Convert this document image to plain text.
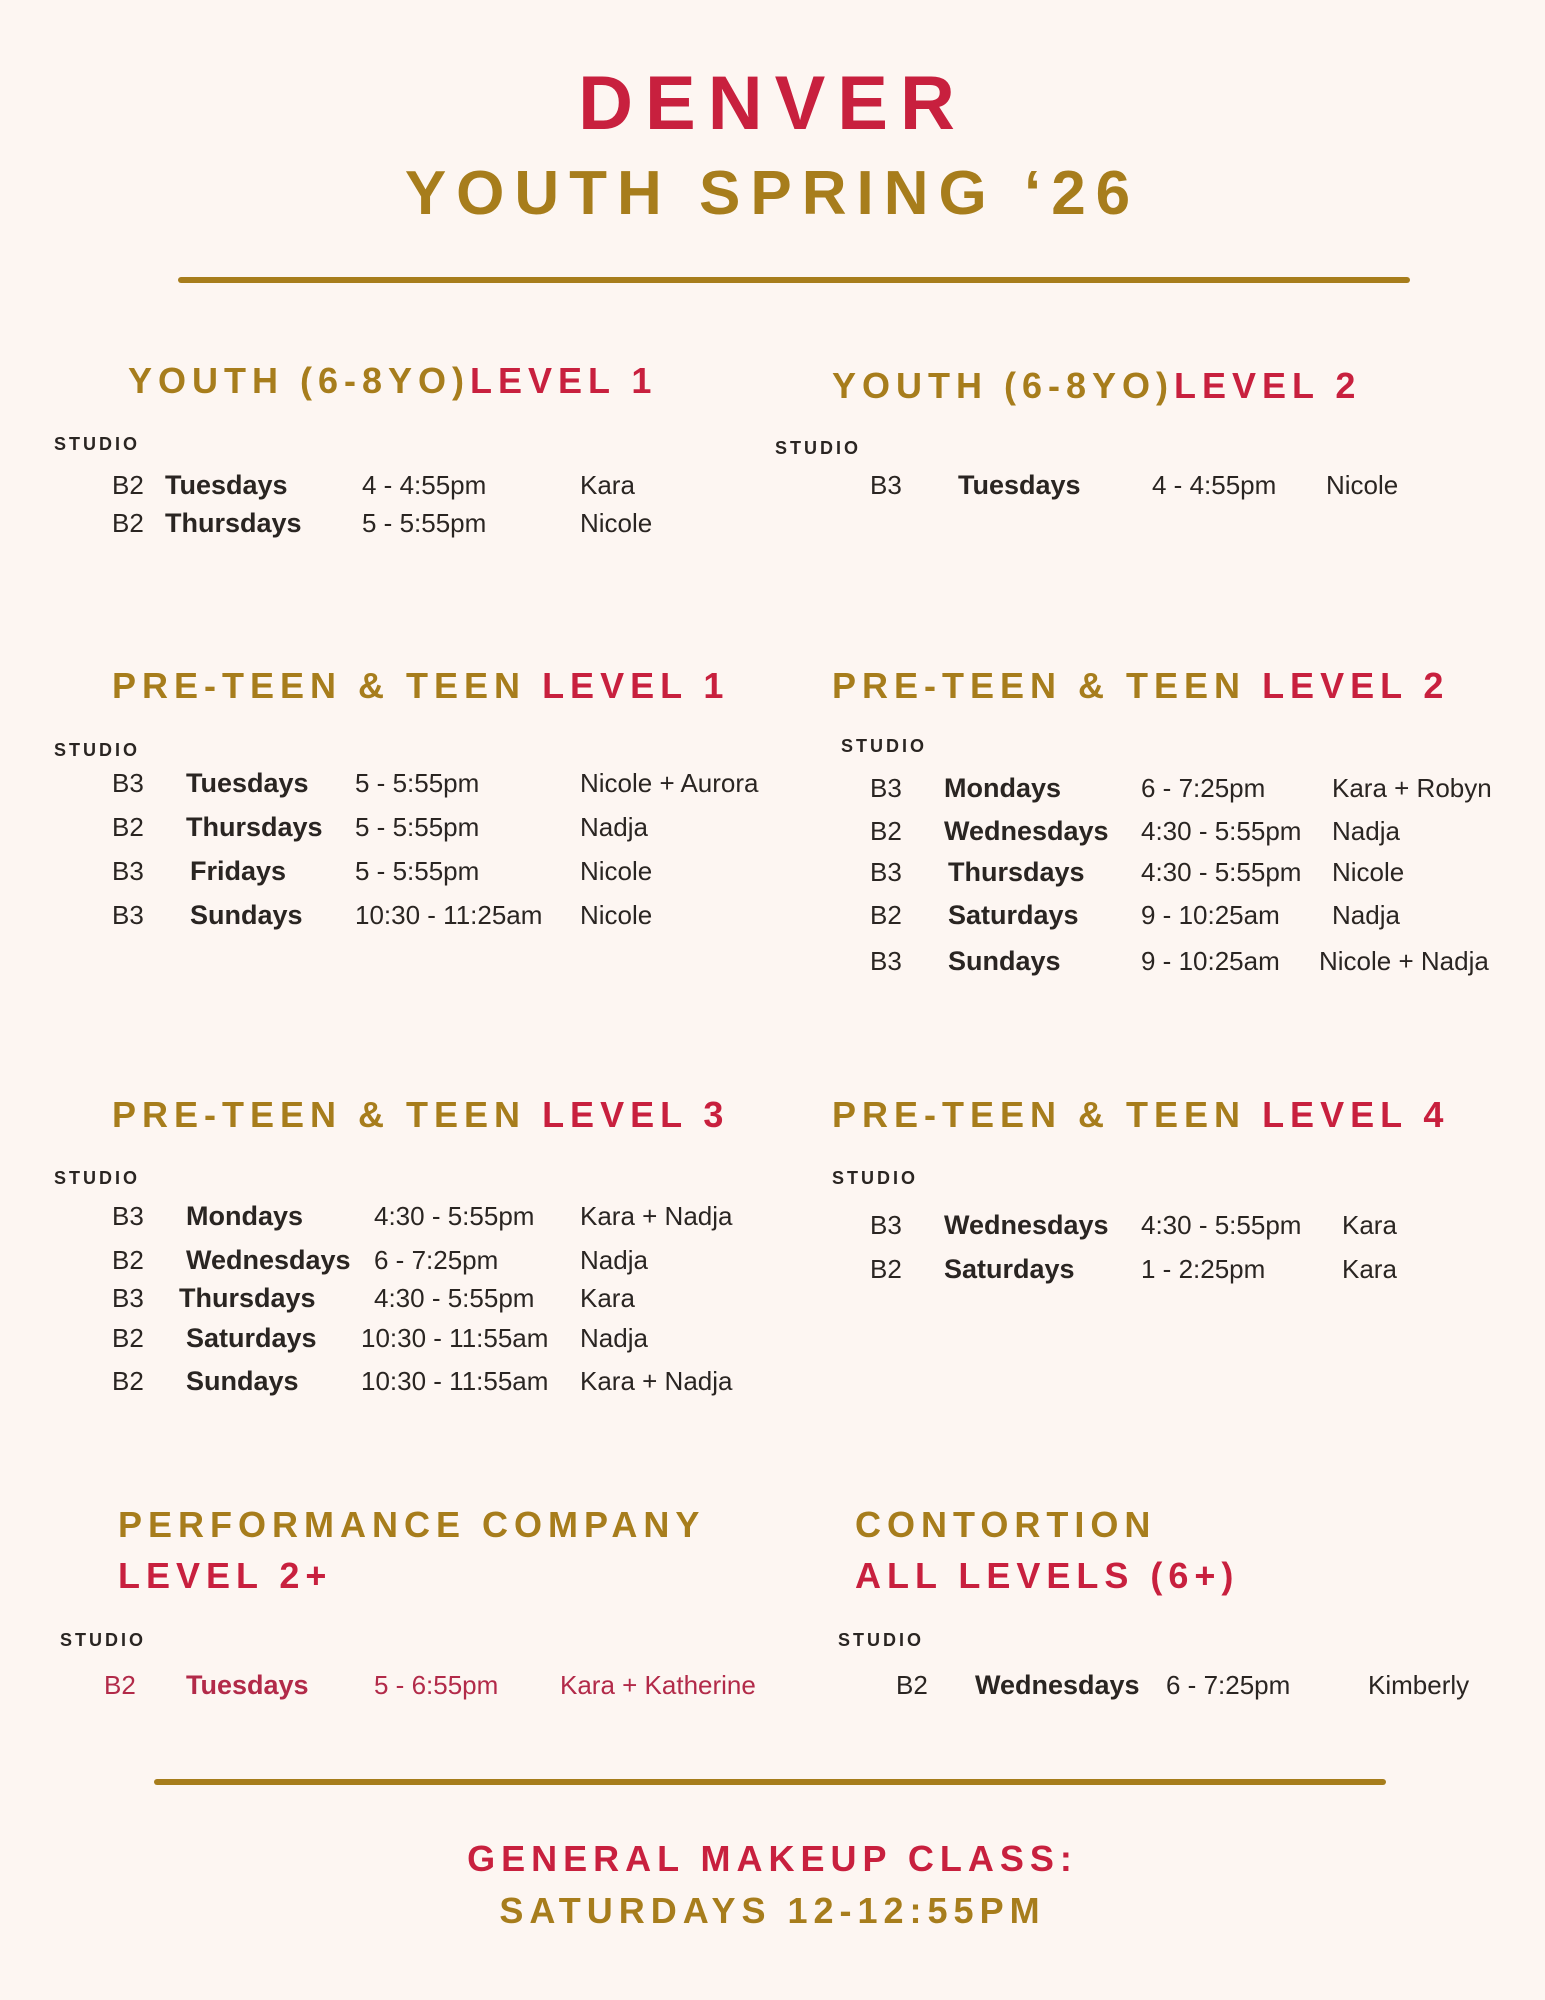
DENVER
YOUTH SPRING ‘26
YOUTH (6-8YO)LEVEL 1
STUDIO
B2 Tuesdays	4 - 4:55pm	Kara
B2 Thursdays 5 - 5:55pm	Nicole
YOUTH (6-8YO)LEVEL 2
STUDIO
B3 Tuesdays	4 - 4:55pm Nicole
PRE-TEEN & TEEN LEVEL 1
STUDIO
B3 Tuesdays 5 - 5:55pm	Nicole + Aurora
B2 Thursdays 5 - 5:55pm	Nadja
B3 Fridays	5 - 5:55pm	Nicole
B3 Sundays 10:30 - 11:25am Nicole
PRE-TEEN & TEEN LEVEL 2
STUDIO
B3 Mondays	6 - 7:25pm	Kara + Robyn
B2 Wednesdays 4:30 - 5:55pm Nadja
B3 Thursdays 4:30 - 5:55pm Nicole
B2 Saturdays 9 - 10:25am Nadja
B3 Sundays	9 - 10:25am Nicole + Nadja
PRE-TEEN & TEEN LEVEL 3
STUDIO
B3 Mondays	4:30 - 5:55pm Kara + Nadja
B2 Wednesdays 6 - 7:25pm	Nadja
B3 Thursdays 4:30 - 5:55pm Kara
B2 Saturdays 10:30 - 11:55am Nadja
B2 Sundays 10:30 - 11:55am Kara + Nadja
PRE-TEEN & TEEN LEVEL 4
STUDIO
B3 Wednesdays 4:30 - 5:55pm Kara
B2 Saturdays	1 - 2:25pm	Kara
PERFORMANCE COMPANY
LEVEL 2+
STUDIO
B2 Tuesdays	5 - 6:55pm Kara + Katherine
CONTORTION
ALL LEVELS (6+)
STUDIO
B2 Wednesdays 6 - 7:25pm	Kimberly
GENERAL MAKEUP CLASS:
SATURDAYS 12-12:55PM
